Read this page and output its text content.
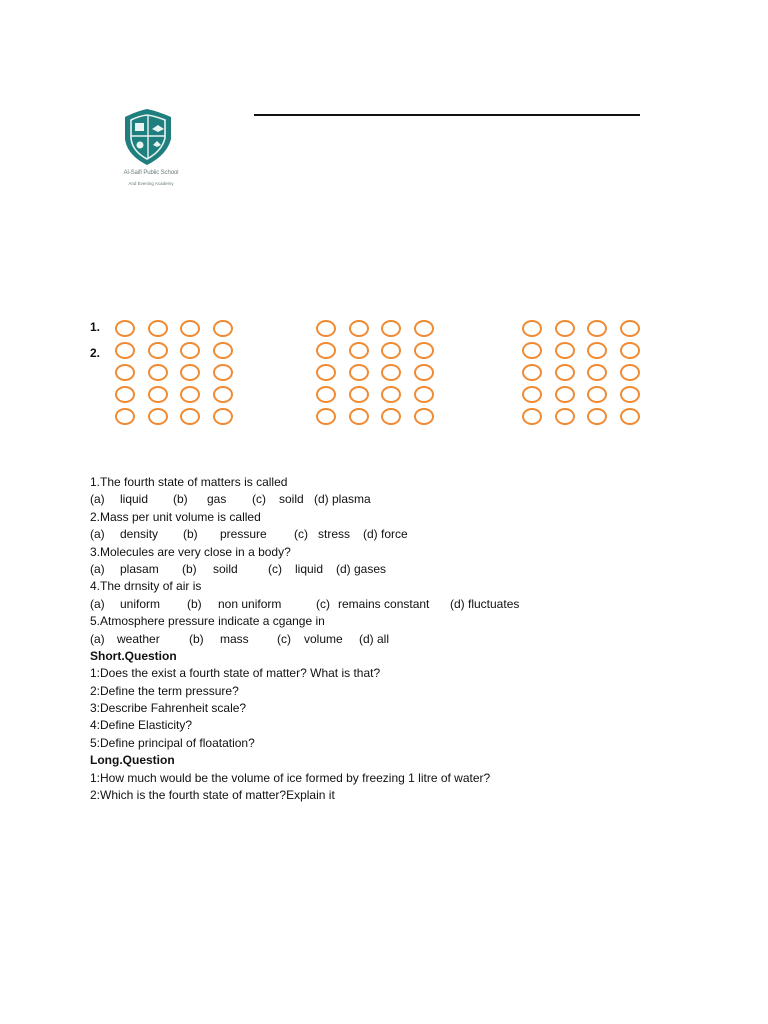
Al-Saifi Public School
And Evening Academy
1.
2.
1.The fourth state of matters is called
(a) liquid (b) gas (c) soild (d) plasma
2.Mass per unit volume is called
(a) density (b) pressure (c) stress (d) force
3.Molecules are very close in a body?
(a) plasam (b) soild	(c) liquid (d) gases
4.The drnsity of air is
(a) uniform (b) non uniform	(c) remains constant (d) fluctuates
5.Atmosphere pressure indicate a cgange in
(a) weather (b) mass (c) volume (d) all
Short.Question
1:Does the exist a fourth state of matter? What is that?
2:Define the term pressure?
3:Describe Fahrenheit scale?
4:Define Elasticity?
5:Define principal of floatation?
Long.Question
1:How much would be the volume of ice formed by freezing 1 litre of water?
2:Which is the fourth state of matter?Explain it
